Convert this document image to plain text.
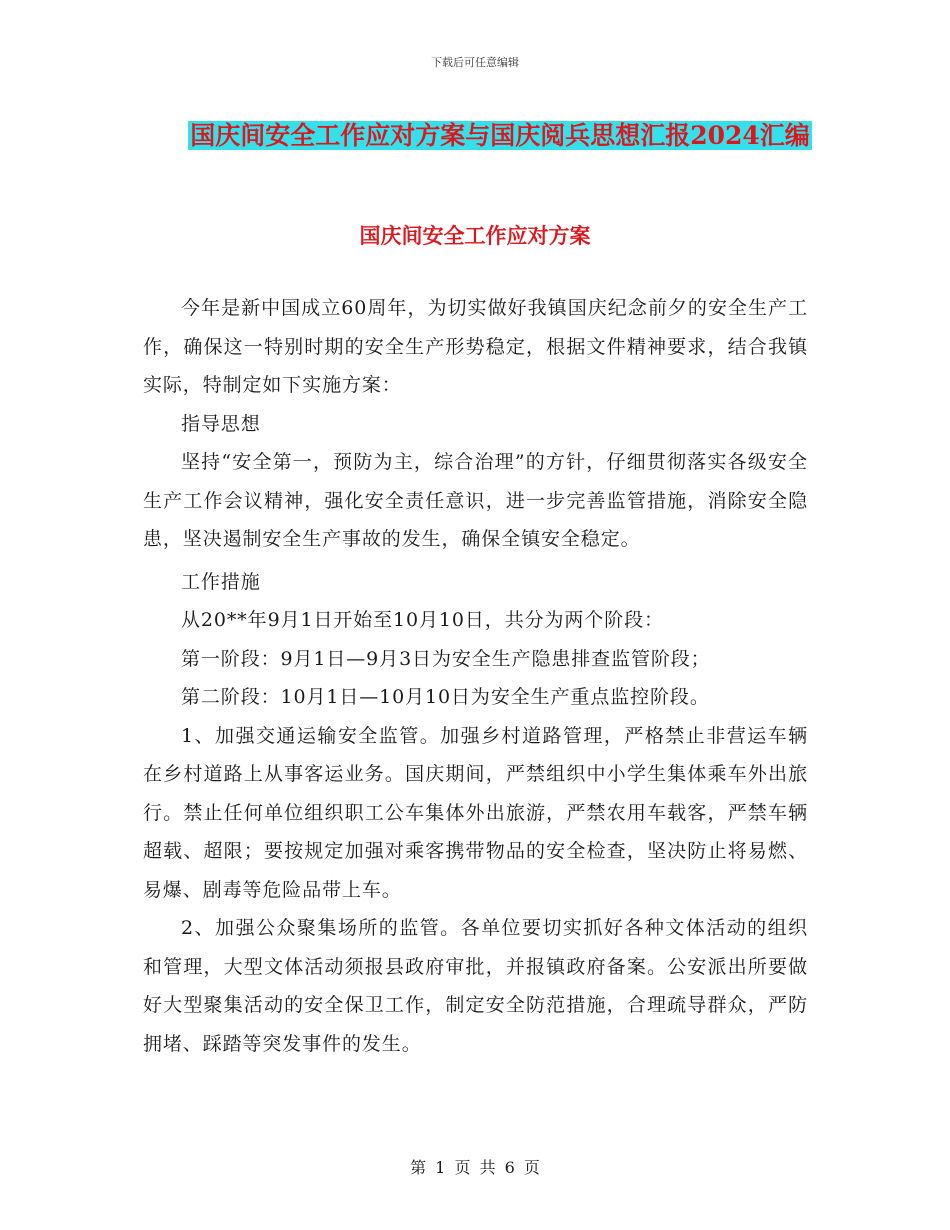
下载后可任意编辑
国庆间安全工作应对方案与国庆阅兵思想汇报2024汇编
国庆间安全工作应对方案

今年是新中国成立60周年，为切实做好我镇国庆纪念前夕的安全生产工作，确保这一特别时期的安全生产形势稳定，根据文件精神要求，结合我镇实际，特制定如下实施方案：

指导思想

坚持“安全第一，预防为主，综合治理”的方针，仔细贯彻落实各级安全生产工作会议精神，强化安全责任意识，进一步完善监管措施，消除安全隐患，坚决遏制安全生产事故的发生，确保全镇安全稳定。

工作措施

从20**年9月1日开始至10月10日，共分为两个阶段：

第一阶段：9月1日—9月3日为安全生产隐患排查监管阶段；

第二阶段：10月1日—10月10日为安全生产重点监控阶段。

1、加强交通运输安全监管。加强乡村道路管理，严格禁止非营运车辆在乡村道路上从事客运业务。国庆期间，严禁组织中小学生集体乘车外出旅行。禁止任何单位组织职工公车集体外出旅游，严禁农用车载客，严禁车辆超载、超限；要按规定加强对乘客携带物品的安全检查，坚决防止将易燃、易爆、剧毒等危险品带上车。

2、加强公众聚集场所的监管。各单位要切实抓好各种文体活动的组织和管理，大型文体活动须报县政府审批，并报镇政府备案。公安派出所要做好大型聚集活动的安全保卫工作，制定安全防范措施，合理疏导群众，严防拥堵、踩踏等突发事件的发生。

第 1 页 共 6 页
